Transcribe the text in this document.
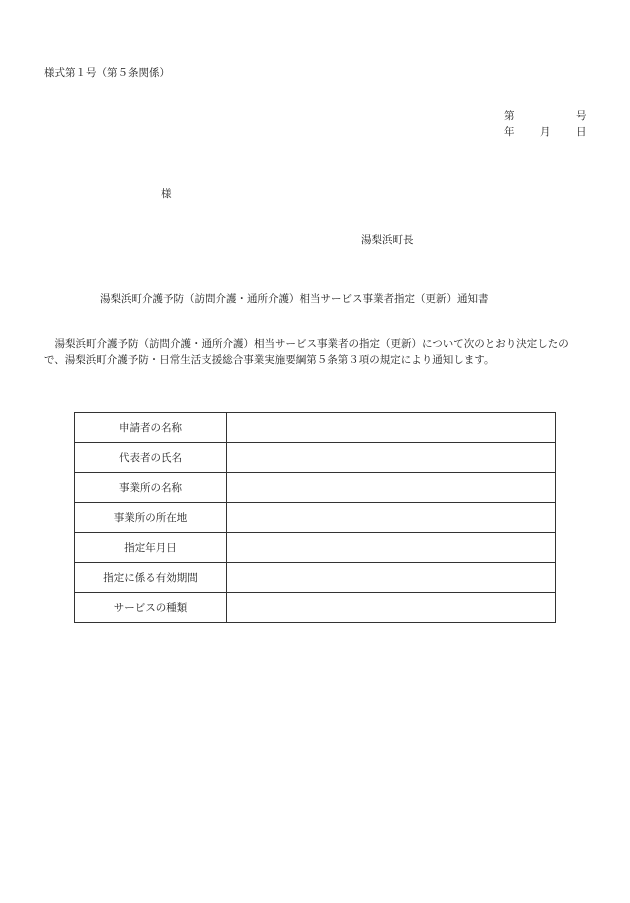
様式第１号（第５条関係）
第	号
年 月 日
様
湯梨浜町長
湯梨浜町介護予防（訪問介護・通所介護）相当サービス事業者指定（更新）通知書
湯梨浜町介護予防（訪問介護・通所介護）相当サービス事業者の指定（更新）について次のとおり決定したので、湯梨浜町介護予防・日常生活支援総合事業実施要綱第５条第３項の規定により通知します。
申請者の名称	
代表者の氏名	
事業所の名称	
事業所の所在地	
指定年月日	
指定に係る有効期間	
サービスの種類	
